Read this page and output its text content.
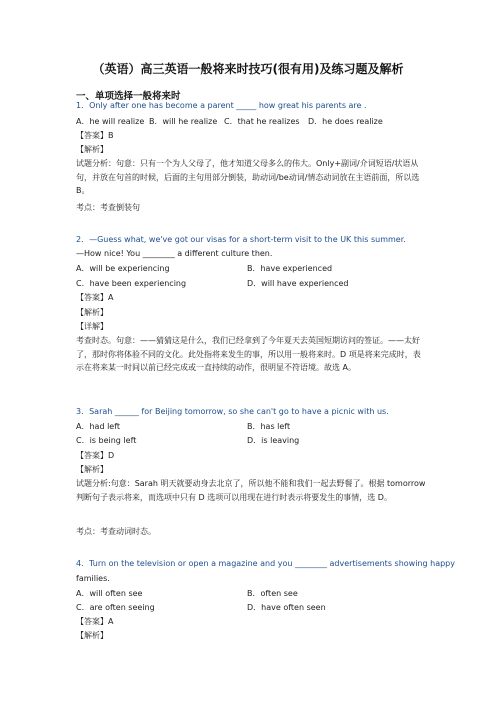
（英语）高三英语一般将来时技巧(很有用)及练习题及解析
一、单项选择一般将来时
1．Only after one has become a parent _____ how great his parents are .
A．he will realize B．will he realize C．that he realizes D．he does realize
【答案】B
【解析】
试题分析：句意：只有一个为人父母了，他才知道父母多么的伟大。Only+副词/介词短语/状语从句，并放在句首的时候，后面的主句用部分倒装，助动词/be动词/情态动词放在主语前面，所以选 B。
考点：考查倒装句
2．—Guess what, we've got our visas for a short-term visit to the UK this summer.
—How nice! You ________ a different culture then.
A．will be experiencing	B．have experienced
C．have been experiencing	D．will have experienced
【答案】A
【解析】
【详解】
考查时态。句意：——猜猜这是什么，我们已经拿到了今年夏天去英国短期访问的签证。——太好了，那时你将体验不同的文化。此处指将来发生的事，所以用一般将来时。D 项是将来完成时，表示在将来某一时间以前已经完成或一直持续的动作，很明显不符语境。故选 A。
3．Sarah ______ for Beijing tomorrow, so she can't go to have a picnic with us.
A．had left	B．has left
C．is being left	D．is leaving
【答案】D
【解析】
试题分析:句意：Sarah 明天就要动身去北京了，所以他不能和我们一起去野餐了。根据 tomorrow 判断句子表示将来，而选项中只有 D 选项可以用现在进行时表示将要发生的事情，选 D。
考点：考查动词时态。
4．Turn on the television or open a magazine and you ________ advertisements showing happy
families.
A．will often see	B．often see
C．are often seeing	D．have often seen
【答案】A
【解析】
